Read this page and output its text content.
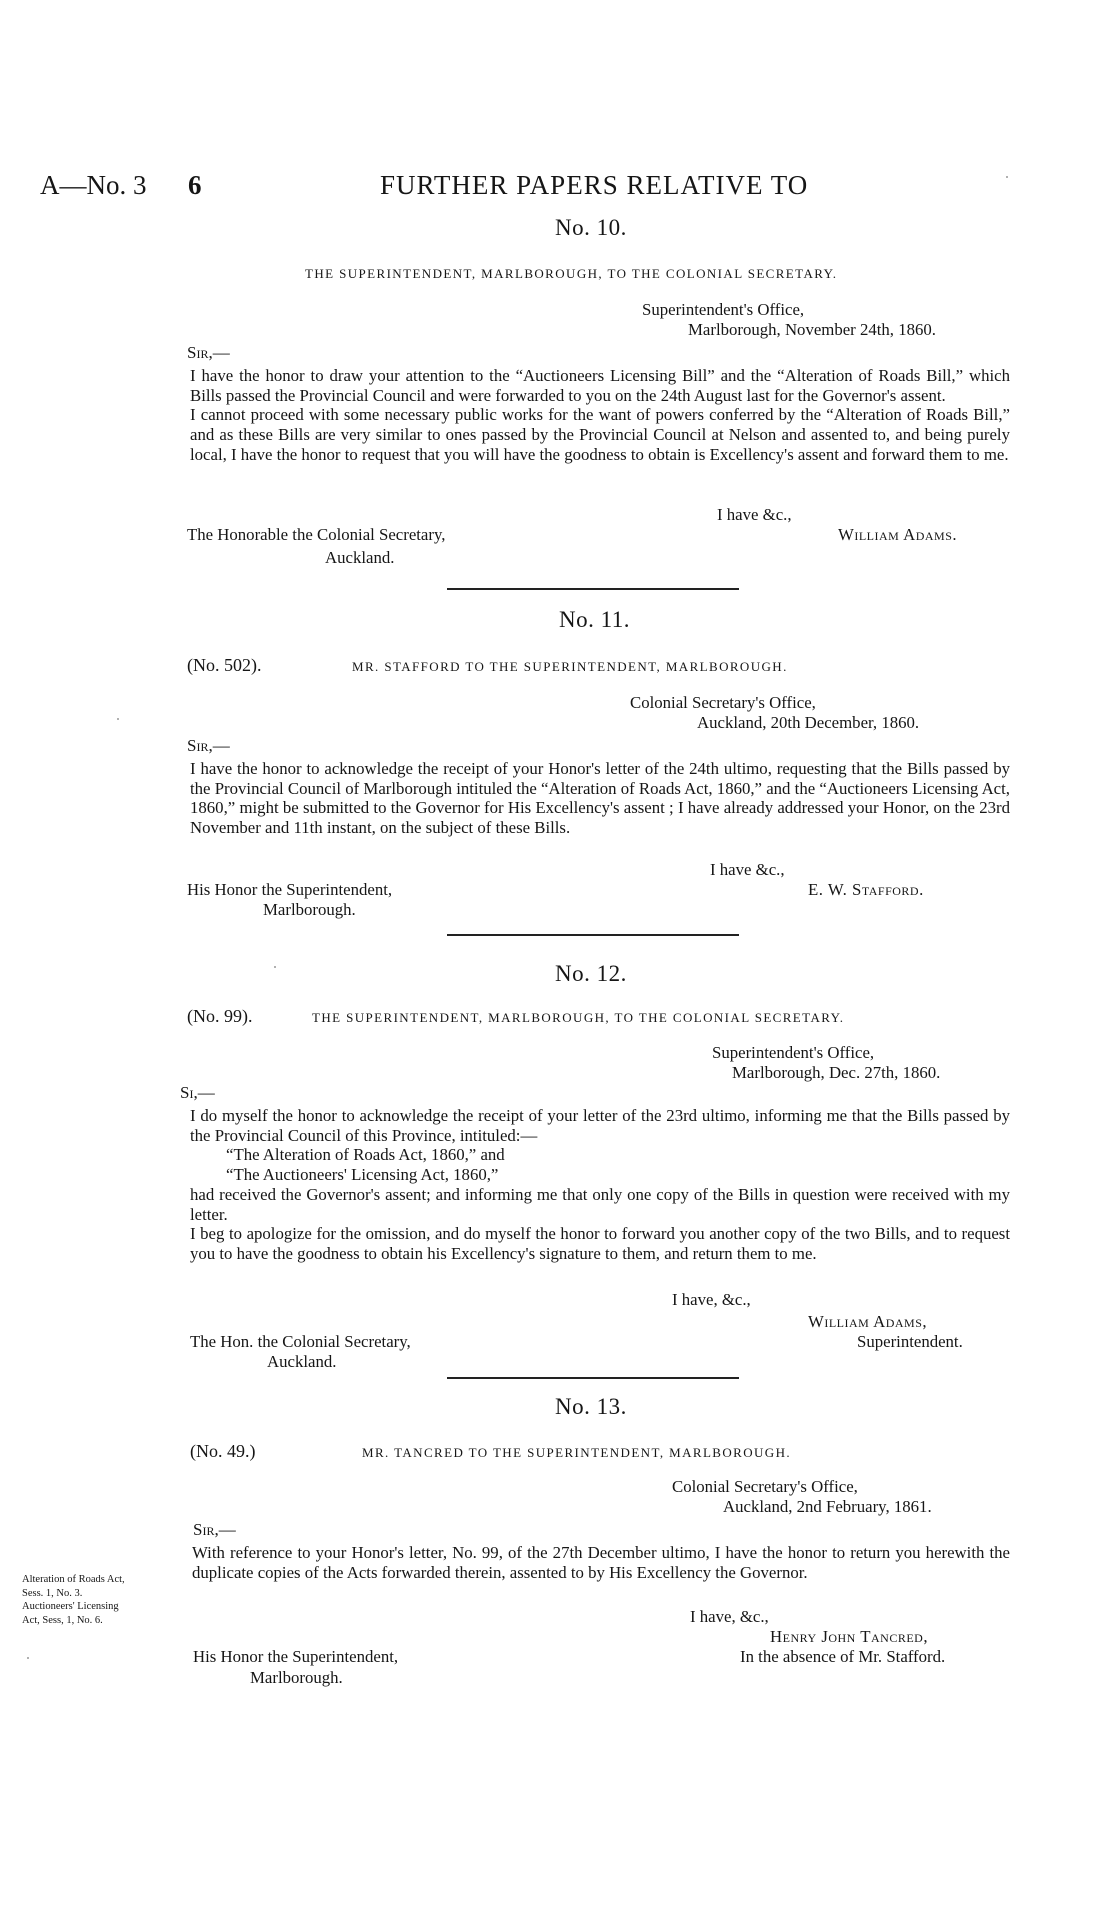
A—No. 3 6	FURTHER PAPERS RELATIVE TO
No. 10.
THE SUPERINTENDENT, MARLBOROUGH, TO THE COLONIAL SECRETARY.
Superintendent's Office,
Marlborough, November 24th, 1860.
Sir,—

I have the honor to draw your attention to the “Auctioneers Licensing Bill” and the “Alteration of Roads Bill,” which Bills passed the Provincial Council and were forwarded to you on the 24th August last for the Governor's assent.

I cannot proceed with some necessary public works for the want of powers conferred by the “Alteration of Roads Bill,” and as these Bills are very similar to ones passed by the Provincial Council at Nelson and assented to, and being purely local, I have the honor to request that you will have the goodness to obtain is Excellency's assent and forward them to me.

I have &c.,
The Honorable the Colonial Secretary,
Auckland.
William Adams.
No. 11.
(No. 502).	MR. STAFFORD TO THE SUPERINTENDENT, MARLBOROUGH.
Colonial Secretary's Office,
Auckland, 20th December, 1860.
Sir,—

I have the honor to acknowledge the receipt of your Honor's letter of the 24th ultimo, requesting that the Bills passed by the Provincial Council of Marlborough intituled the “Alteration of Roads Act, 1860,” and the “Auctioneers Licensing Act, 1860,” might be submitted to the Governor for His Excellency's assent ; I have already addressed your Honor, on the 23rd November and 11th instant, on the subject of these Bills.

I have &c.,
His Honor the Superintendent,
Marlborough.
E. W. Stafford.
No. 12.
(No. 99).	THE SUPERINTENDENT, MARLBOROUGH, TO THE COLONIAL SECRETARY.
Superintendent's Office,
Marlborough, Dec. 27th, 1860.
Si,—

I do myself the honor to acknowledge the receipt of your letter of the 23rd ultimo, informing me that the Bills passed by the Provincial Council of this Province, intituled:—

“The Alteration of Roads Act, 1860,” and

“The Auctioneers' Licensing Act, 1860,”

had received the Governor's assent; and informing me that only one copy of the Bills in question were received with my letter.

I beg to apologize for the omission, and do myself the honor to forward you another copy of the two Bills, and to request you to have the goodness to obtain his Excellency's signature to them, and return them to me.

I have, &c.,
William Adams,
Superintendent.
The Hon. the Colonial Secretary,
Auckland.
No. 13.
(No. 49.)	MR. TANCRED TO THE SUPERINTENDENT, MARLBOROUGH.
Colonial Secretary's Office,
Auckland, 2nd February, 1861.
Sir,—

With reference to your Honor's letter, No. 99, of the 27th December ultimo, I have the honor to return you herewith the duplicate copies of the Acts forwarded therein, assented to by His Excellency the Governor.

I have, &c.,
Henry John Tancred,
In the absence of Mr. Stafford.
His Honor the Superintendent,
Marlborough.
Alteration of Roads Act,
Sess. 1, No. 3.
Auctioneers' Licensing
Act, Sess, 1, No. 6.
